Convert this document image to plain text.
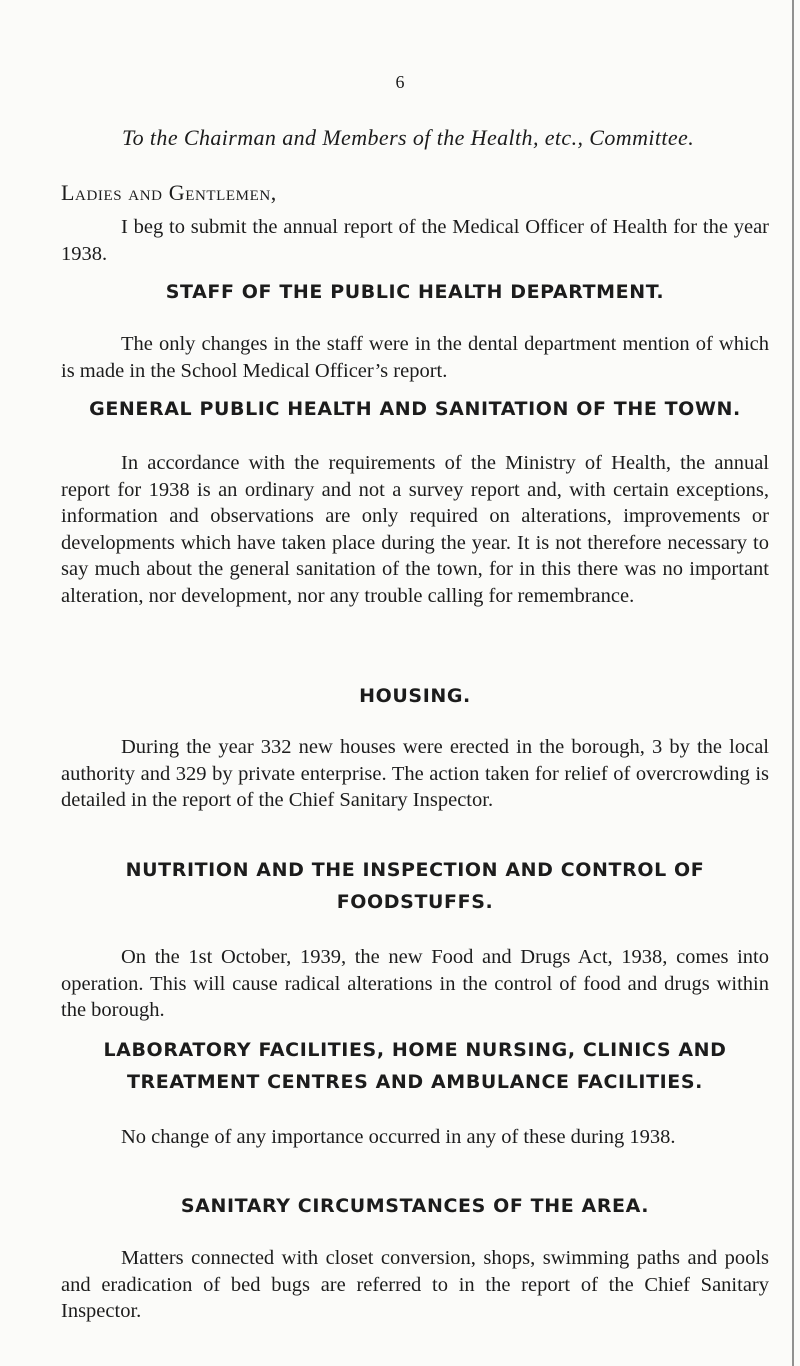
6
To the Chairman and Members of the Health, etc., Committee.
Ladies and Gentlemen,

I beg to submit the annual report of the Medical Officer of Health for the year 1938.

STAFF OF THE PUBLIC HEALTH DEPARTMENT.

The only changes in the staff were in the dental department mention of which is made in the School Medical Officer’s report.

GENERAL PUBLIC HEALTH AND SANITATION OF THE TOWN.

In accordance with the requirements of the Ministry of Health, the annual report for 1938 is an ordinary and not a survey report and, with certain exceptions, information and observations are only required on alterations, improvements or developments which have taken place during the year. It is not therefore necessary to say much about the general sanitation of the town, for in this there was no important alteration, nor development, nor any trouble calling for remembrance.

HOUSING.

During the year 332 new houses were erected in the borough, 3 by the local authority and 329 by private enterprise. The action taken for relief of overcrowding is detailed in the report of the Chief Sanitary Inspector.

NUTRITION AND THE INSPECTION AND CONTROL OF FOODSTUFFS.

On the 1st October, 1939, the new Food and Drugs Act, 1938, comes into operation. This will cause radical alterations in the control of food and drugs within the borough.

LABORATORY FACILITIES, HOME NURSING, CLINICS AND TREATMENT CENTRES AND AMBULANCE FACILITIES.

No change of any importance occurred in any of these during 1938.

SANITARY CIRCUMSTANCES OF THE AREA.

Matters connected with closet conversion, shops, swimming paths and pools and eradication of bed bugs are referred to in the report of the Chief Sanitary Inspector.
